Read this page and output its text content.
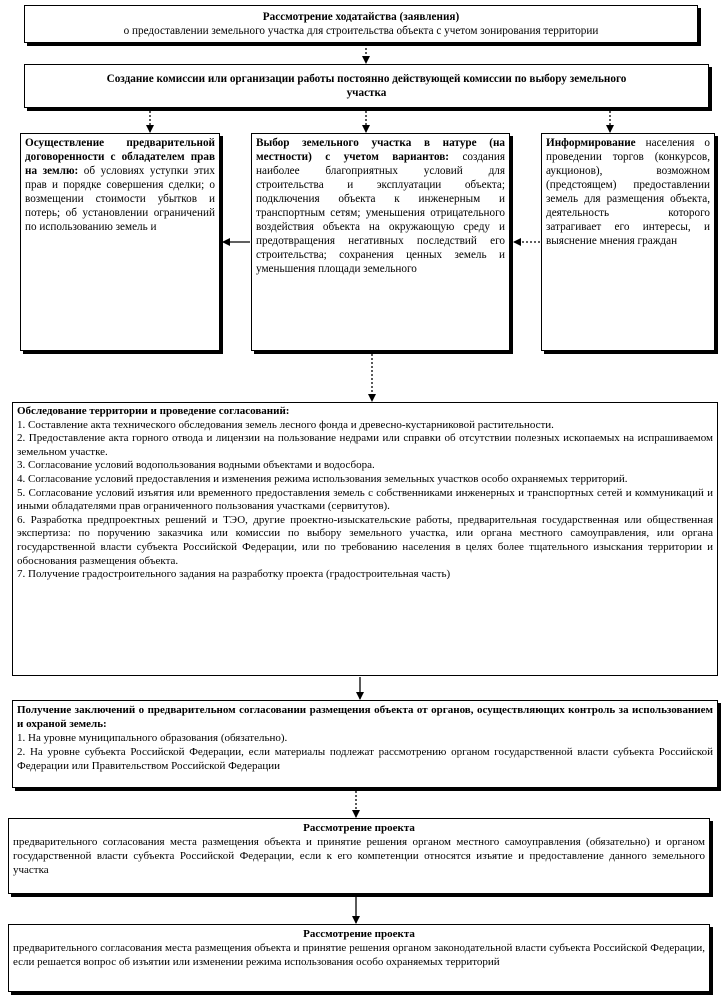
Рассмотрение ходатайства (заявления)
о предоставлении земельного участка для строительства объекта с учетом зонирования территории
Создание комиссии или организации работы постоянно действующей комиссии по выбору земельного участка
Осуществление предварительной договоренности с обладателем прав на землю: об условиях уступки этих прав и порядке совершения сделки; о возмещении стоимости убытков и потерь; об установлении ограничений по использованию земель и
Выбор земельного участка в натуре (на местности) с учетом вариантов: создания наиболее благоприятных условий для строительства и эксплуатации объекта; подключения объекта к инженерным и транспортным сетям; уменьшения отрицательного воздействия объекта на окружающую среду и предотвращения негативных последствий его строительства; сохранения ценных земель и уменьшения площади земельного
Информирование населения о проведении торгов (конкурсов, аукционов), возможном (предстоящем) предоставлении земель для размещения объекта, деятельность которого затрагивает его интересы, и выяснение мнения граждан
Обследование территории и проведение согласований:
1. Составление акта технического обследования земель лесного фонда и древесно-кустарниковой растительности.
2. Предоставление акта горного отвода и лицензии на пользование недрами или справки об отсутствии полезных ископаемых на испрашиваемом земельном участке.
3. Согласование условий водопользования водными объектами и водосбора.
4. Согласование условий предоставления и изменения режима использования земельных участков особо охраняемых территорий.
5. Согласование условий изъятия или временного предоставления земель с собственниками инженерных и транспортных сетей и коммуникаций и иными обладателями прав ограниченного пользования участками (сервитутов).
6. Разработка предпроектных решений и ТЭО, другие проектно-изыскательские работы, предварительная государственная или общественная экспертиза: по поручению заказчика или комиссии по выбору земельного участка, или органа местного самоуправления, или органа государственной власти субъекта Российской Федерации, или по требованию населения в целях более тщательного изыскания территории и обоснования размещения объекта.
7. Получение градостроительного задания на разработку проекта (градостроительная часть)
Получение заключений о предварительном согласовании размещения объекта от органов, осуществляющих контроль за использованием и охраной земель:
1. На уровне муниципального образования (обязательно).
2. На уровне субъекта Российской Федерации, если материалы подлежат рассмотрению органом государственной власти субъекта Российской Федерации или Правительством Российской Федерации
Рассмотрение проекта
предварительного согласования места размещения объекта и принятие решения органом местного самоуправления (обязательно) и органом государственной власти субъекта Российской Федерации, если к его компетенции относятся изъятие и предоставление данного земельного участка
Рассмотрение проекта
предварительного согласования места размещения объекта и принятие решения органом законодательной власти субъекта Российской Федерации, если решается вопрос об изъятии или изменении режима использования особо охраняемых территорий
